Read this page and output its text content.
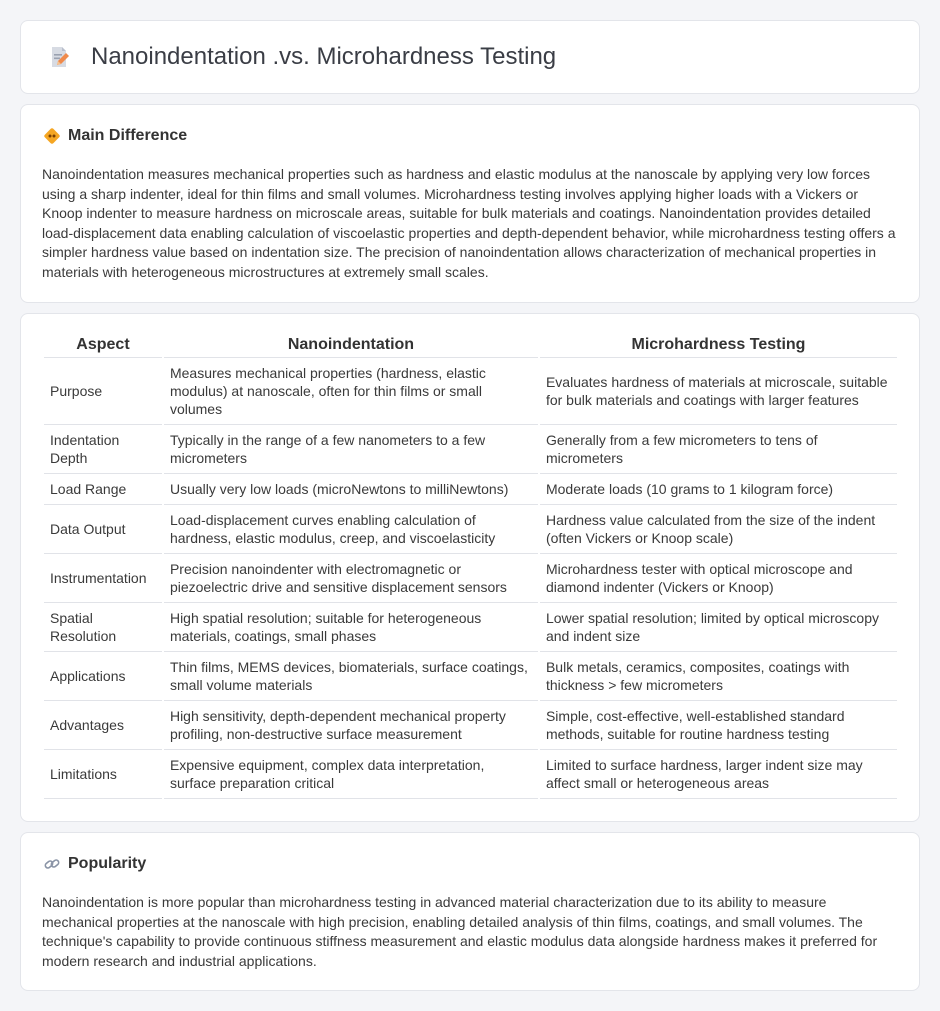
Nanoindentation .vs. Microhardness Testing
Main Difference

Nanoindentation measures mechanical properties such as hardness and elastic modulus at the nanoscale by applying very low forces using a sharp indenter, ideal for thin films and small volumes. Microhardness testing involves applying higher loads with a Vickers or Knoop indenter to measure hardness on microscale areas, suitable for bulk materials and coatings. Nanoindentation provides detailed load-displacement data enabling calculation of viscoelastic properties and depth-dependent behavior, while microhardness testing offers a simpler hardness value based on indentation size. The precision of nanoindentation allows characterization of mechanical properties in materials with heterogeneous microstructures at extremely small scales.

Aspect	Nanoindentation	Microhardness Testing
Purpose	Measures mechanical properties (hardness, elastic modulus) at nanoscale, often for thin films or small volumes	Evaluates hardness of materials at microscale, suitable for bulk materials and coatings with larger features
Indentation Depth	Typically in the range of a few nanometers to a few micrometers	Generally from a few micrometers to tens of micrometers
Load Range	Usually very low loads (microNewtons to milliNewtons)	Moderate loads (10 grams to 1 kilogram force)
Data Output	Load-displacement curves enabling calculation of hardness, elastic modulus, creep, and viscoelasticity	Hardness value calculated from the size of the indent (often Vickers or Knoop scale)
Instrumentation	Precision nanoindenter with electromagnetic or piezoelectric drive and sensitive displacement sensors	Microhardness tester with optical microscope and diamond indenter (Vickers or Knoop)
Spatial Resolution	High spatial resolution; suitable for heterogeneous materials, coatings, small phases	Lower spatial resolution; limited by optical microscopy and indent size
Applications	Thin films, MEMS devices, biomaterials, surface coatings, small volume materials	Bulk metals, ceramics, composites, coatings with thickness > few micrometers
Advantages	High sensitivity, depth-dependent mechanical property profiling, non-destructive surface measurement	Simple, cost-effective, well-established standard methods, suitable for routine hardness testing
Limitations	Expensive equipment, complex data interpretation, surface preparation critical	Limited to surface hardness, larger indent size may affect small or heterogeneous areas
Popularity

Nanoindentation is more popular than microhardness testing in advanced material characterization due to its ability to measure mechanical properties at the nanoscale with high precision, enabling detailed analysis of thin films, coatings, and small volumes. The technique's capability to provide continuous stiffness measurement and elastic modulus data alongside hardness makes it preferred for modern research and industrial applications.
